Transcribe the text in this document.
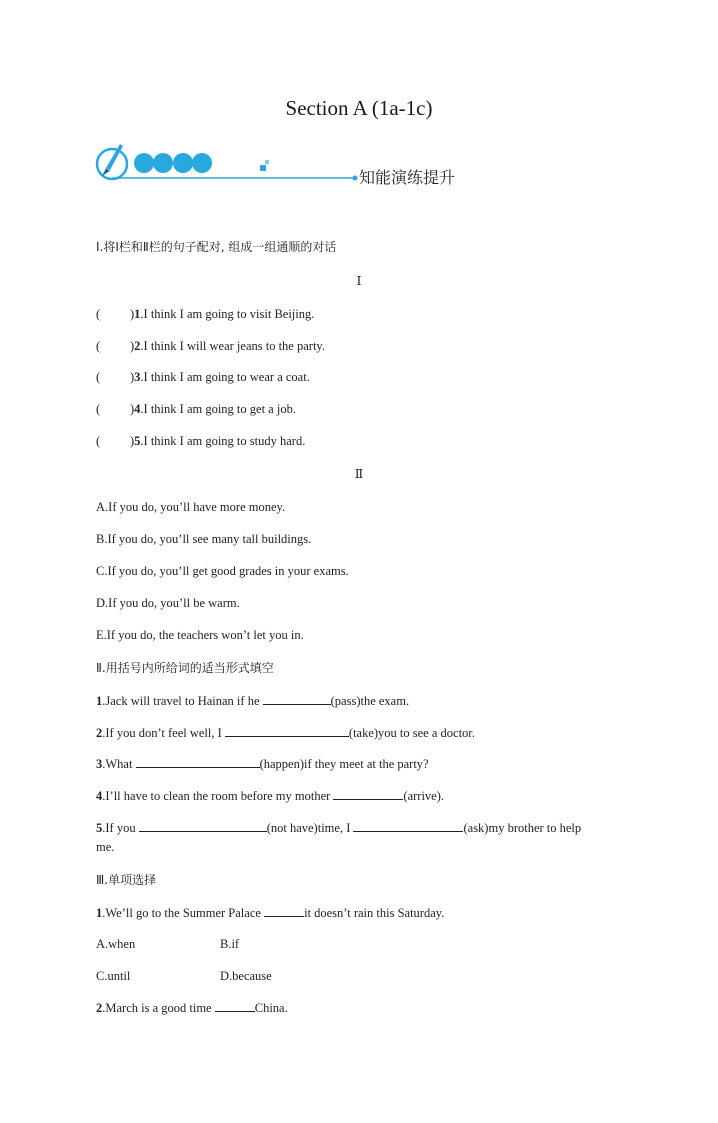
Section A (1a-1c)
知能演练提升
Ⅰ.将Ⅰ栏和Ⅱ栏的句子配对, 组成一组通顺的对话
Ⅰ
( )1.I think I am going to visit Beijing.
( )2.I think I will wear jeans to the party.
( )3.I think I am going to wear a coat.
( )4.I think I am going to get a job.
( )5.I think I am going to study hard.
Ⅱ
A.If you do, you’ll have more money.
B.If you do, you’ll see many tall buildings.
C.If you do, you’ll get good grades in your exams.
D.If you do, you’ll be warm.
E.If you do, the teachers won’t let you in.
Ⅱ.用括号内所给词的适当形式填空
1.Jack will travel to Hainan if he	(pass)the exam.
2.If you don’t feel well, I	(take)you to see a doctor.
3.What	(happen)if they meet at the party?
4.I’ll have to clean the room before my mother	(arrive).
5.If you	(not have)time, I	(ask)my brother to help
me.
Ⅲ.单项选择
1.We’ll go to the Summer Palace	it doesn’t rain this Saturday.
A.when	B.if
C.until	D.because
2.March is a good time	China.
